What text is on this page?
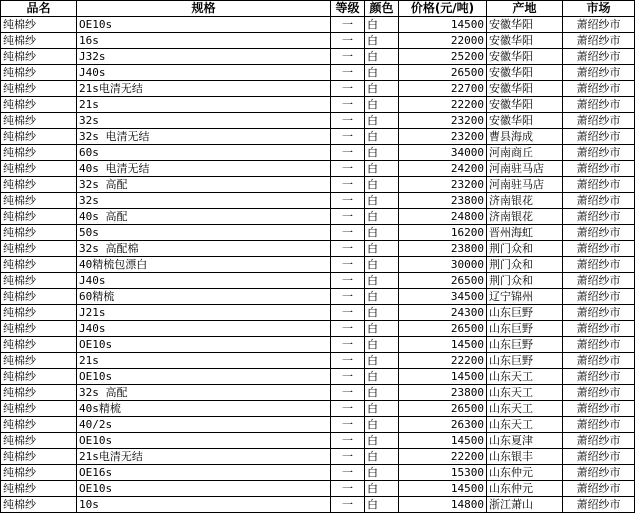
品名	规格	等级	颜色	价格(元/吨)	产地	市场
纯棉纱	OE10s	一	白	14500	安徽华阳	萧绍纱市
纯棉纱	16s	一	白	22000	安徽华阳	萧绍纱市
纯棉纱	J32s	一	白	25200	安徽华阳	萧绍纱市
纯棉纱	J40s	一	白	26500	安徽华阳	萧绍纱市
纯棉纱	21s电清无结	一	白	22700	安徽华阳	萧绍纱市
纯棉纱	21s	一	白	22200	安徽华阳	萧绍纱市
纯棉纱	32s	一	白	23200	安徽华阳	萧绍纱市
纯棉纱	32s 电清无结	一	白	23200	曹县海成	萧绍纱市
纯棉纱	60s	一	白	34000	河南商丘	萧绍纱市
纯棉纱	40s 电清无结	一	白	24200	河南驻马店	萧绍纱市
纯棉纱	32s 高配	一	白	23200	河南驻马店	萧绍纱市
纯棉纱	32s	一	白	23800	济南银花	萧绍纱市
纯棉纱	40s 高配	一	白	24800	济南银花	萧绍纱市
纯棉纱	50s	一	白	16200	晋州海虹	萧绍纱市
纯棉纱	32s 高配棉	一	白	23800	荆门众和	萧绍纱市
纯棉纱	40精梳包漂白	一	白	30000	荆门众和	萧绍纱市
纯棉纱	J40s	一	白	26500	荆门众和	萧绍纱市
纯棉纱	60精梳	一	白	34500	辽宁锦州	萧绍纱市
纯棉纱	J21s	一	白	24300	山东巨野	萧绍纱市
纯棉纱	J40s	一	白	26500	山东巨野	萧绍纱市
纯棉纱	OE10s	一	白	14500	山东巨野	萧绍纱市
纯棉纱	21s	一	白	22200	山东巨野	萧绍纱市
纯棉纱	OE10s	一	白	14500	山东天工	萧绍纱市
纯棉纱	32s 高配	一	白	23800	山东天工	萧绍纱市
纯棉纱	40s精梳	一	白	26500	山东天工	萧绍纱市
纯棉纱	40/2s	一	白	26300	山东天工	萧绍纱市
纯棉纱	OE10s	一	白	14500	山东夏津	萧绍纱市
纯棉纱	21s电清无结	一	白	22200	山东银丰	萧绍纱市
纯棉纱	OE16s	一	白	15300	山东仲元	萧绍纱市
纯棉纱	OE10s	一	白	14500	山东仲元	萧绍纱市
纯棉纱	10s	一	白	14800	浙江萧山	萧绍纱市
